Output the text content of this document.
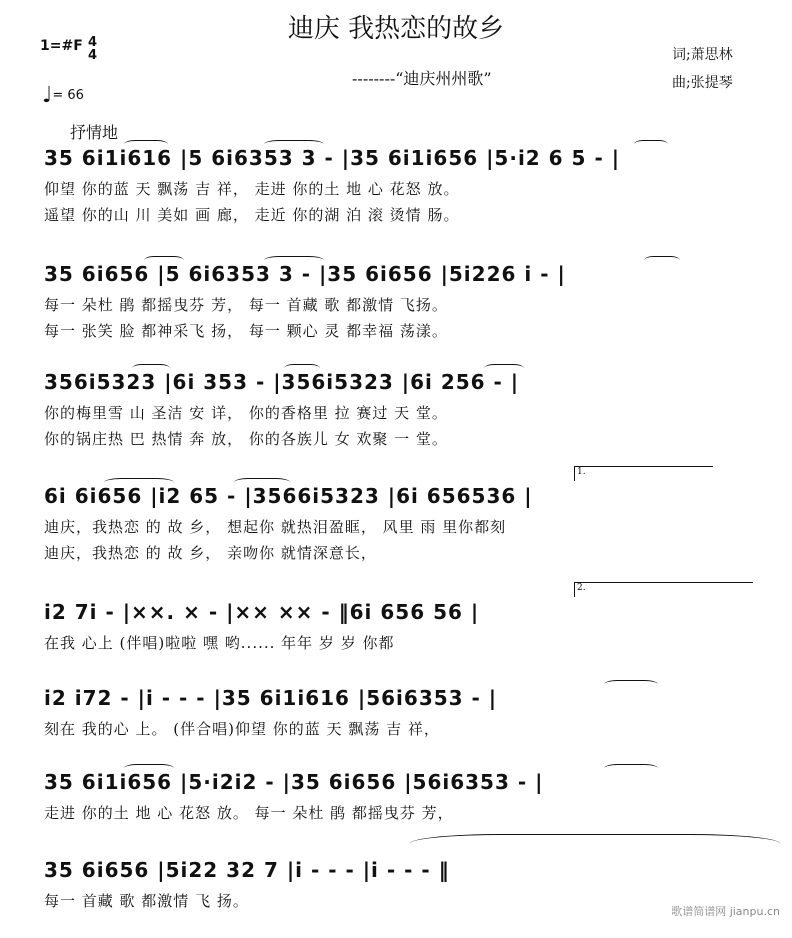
迪庆 我热恋的故乡
1=#F 4
4
♩= 66
--------“迪庆州州歌”
词;萧思林
曲;张提琴
抒情地
35 6i1i616 |5 6i6353 3 - |35 6i1i656 |5·i2 6 5 - |
仰望 你的蓝 天 飘荡 吉 祥， 走进 你的土 地 心 花怒 放。
遥望 你的山 川 美如 画 廊， 走近 你的湖 泊 滚 烫情 肠。
35 6i656 |5 6i6353 3 - |35 6i656 |5i226 i - |
每一 朵杜 鹃 都摇曳芬 芳， 每一 首藏 歌 都激情 飞扬。
每一 张笑 脸 都神采飞 扬， 每一 颗心 灵 都幸福 荡漾。
356i5323 |6i 353 - |356i5323 |6i 256 - |
你的梅里雪 山 圣洁 安 详， 你的香格里 拉 赛过 天 堂。
你的锅庄热 巴 热情 奔 放， 你的各族儿 女 欢聚 一 堂。
1.
6i 6i656 |i2 65 - |3566i5323 |6i 656536 |
迪庆，我热恋 的 故 乡， 想起你 就热泪盈眶， 风里 雨 里你都刻
迪庆，我热恋 的 故 乡， 亲吻你 就情深意长，
2.
i2 7i - |××. × - |×× ×× - ‖6i 656 56 |
在我 心上 (伴唱)啦啦 嘿 哟...... 年年 岁 岁 你都
i2 i72 - |i - - - |35 6i1i616 |56i6353 - |
刻在 我的心 上。 (伴合唱)仰望 你的蓝 天 飘荡 吉 祥，
35 6i1i656 |5·i2i2 - |35 6i656 |56i6353 - |
走进 你的土 地 心 花怒 放。 每一 朵杜 鹃 都摇曳芬 芳，
35 6i656 |5i22 32 7 |i - - - |i - - - ‖
每一 首藏 歌 都激情 飞 扬。
歌谱简谱网 jianpu.cn
